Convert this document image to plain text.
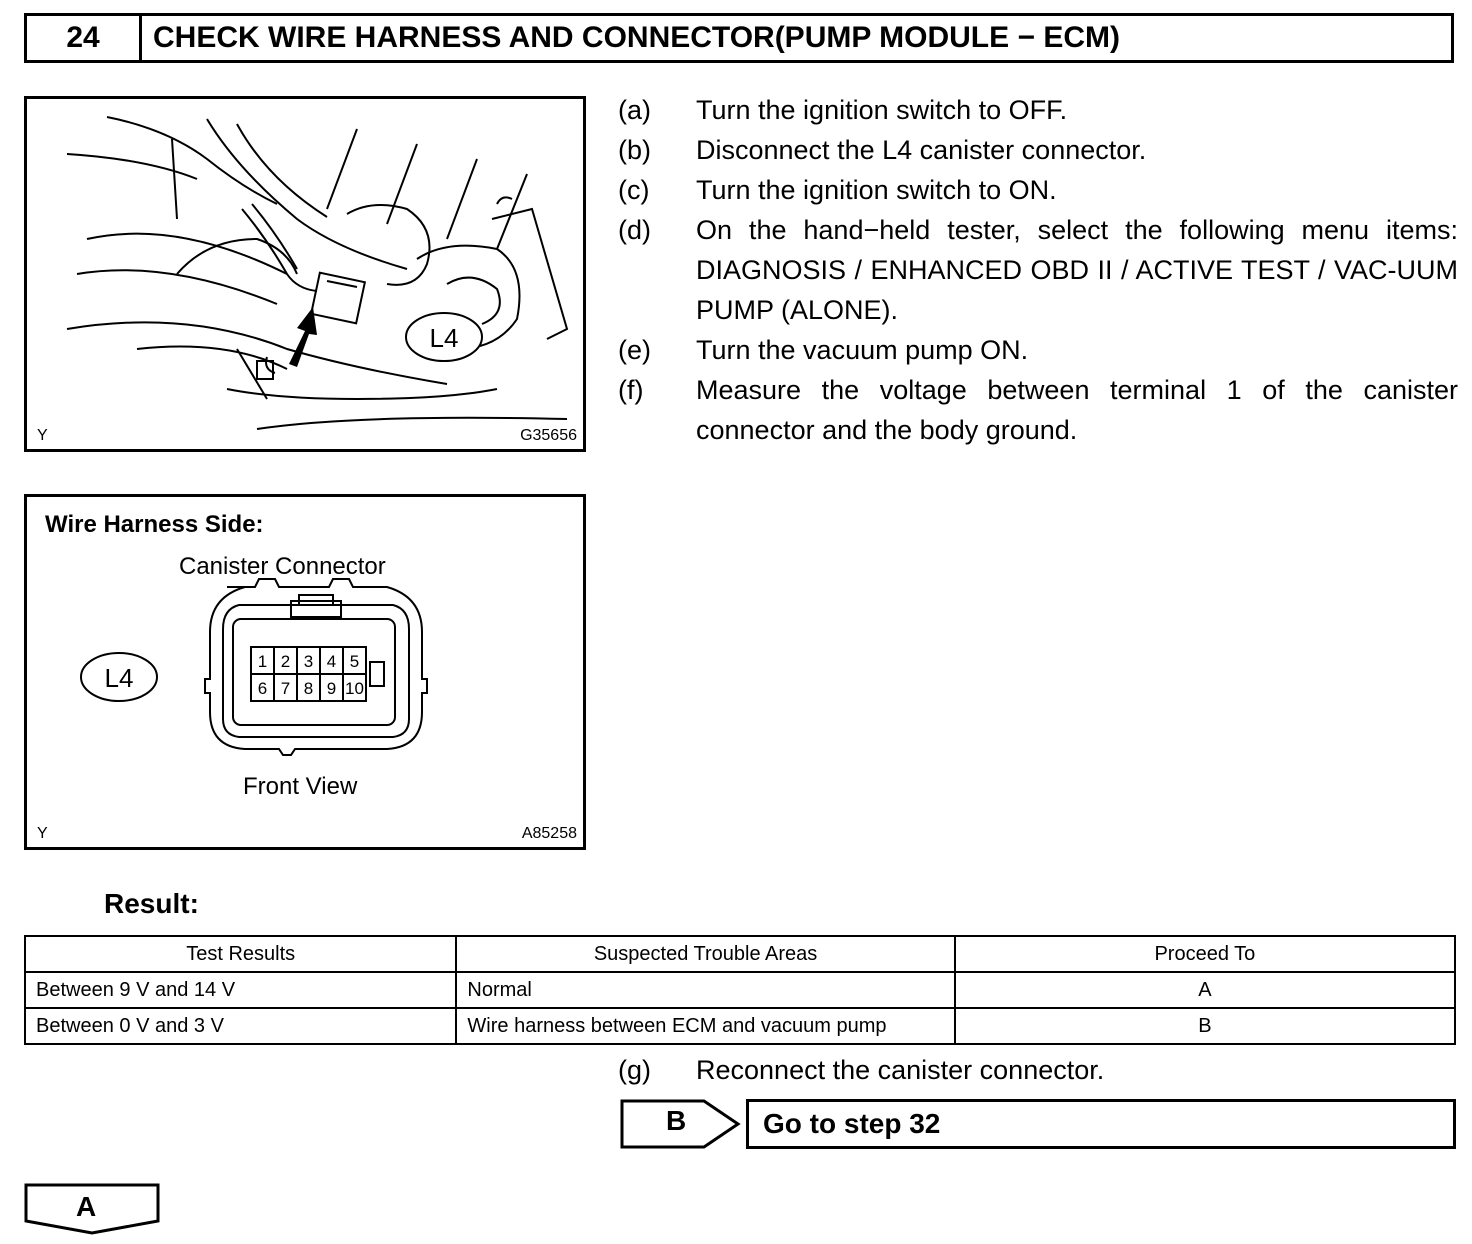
24	CHECK WIRE HARNESS AND CONNECTOR(PUMP MODULE − ECM)
L4
Y	G35656
Wire Harness Side:
Canister Connector
Front View
L4
1 2 3 4 5
6 7 8 9 10
Y	A85258
(a)	Turn the ignition switch to OFF.
(b)	Disconnect the L4 canister connector.
(c)	Turn the ignition switch to ON.
(d)	On the hand−held tester, select the following menu items: DIAGNOSIS / ENHANCED OBD II / ACTIVE TEST / VAC-UUM PUMP (ALONE).
(e)	Turn the vacuum pump ON.
(f)	Measure the voltage between terminal 1 of the canister connector and the body ground.
Result:
Test Results	Suspected Trouble Areas	Proceed To
Between 9 V and 14 V	Normal	A
Between 0 V and 3 V	Wire harness between ECM and vacuum pump	B
(g)	Reconnect the canister connector.
B	Go to step 32
A
